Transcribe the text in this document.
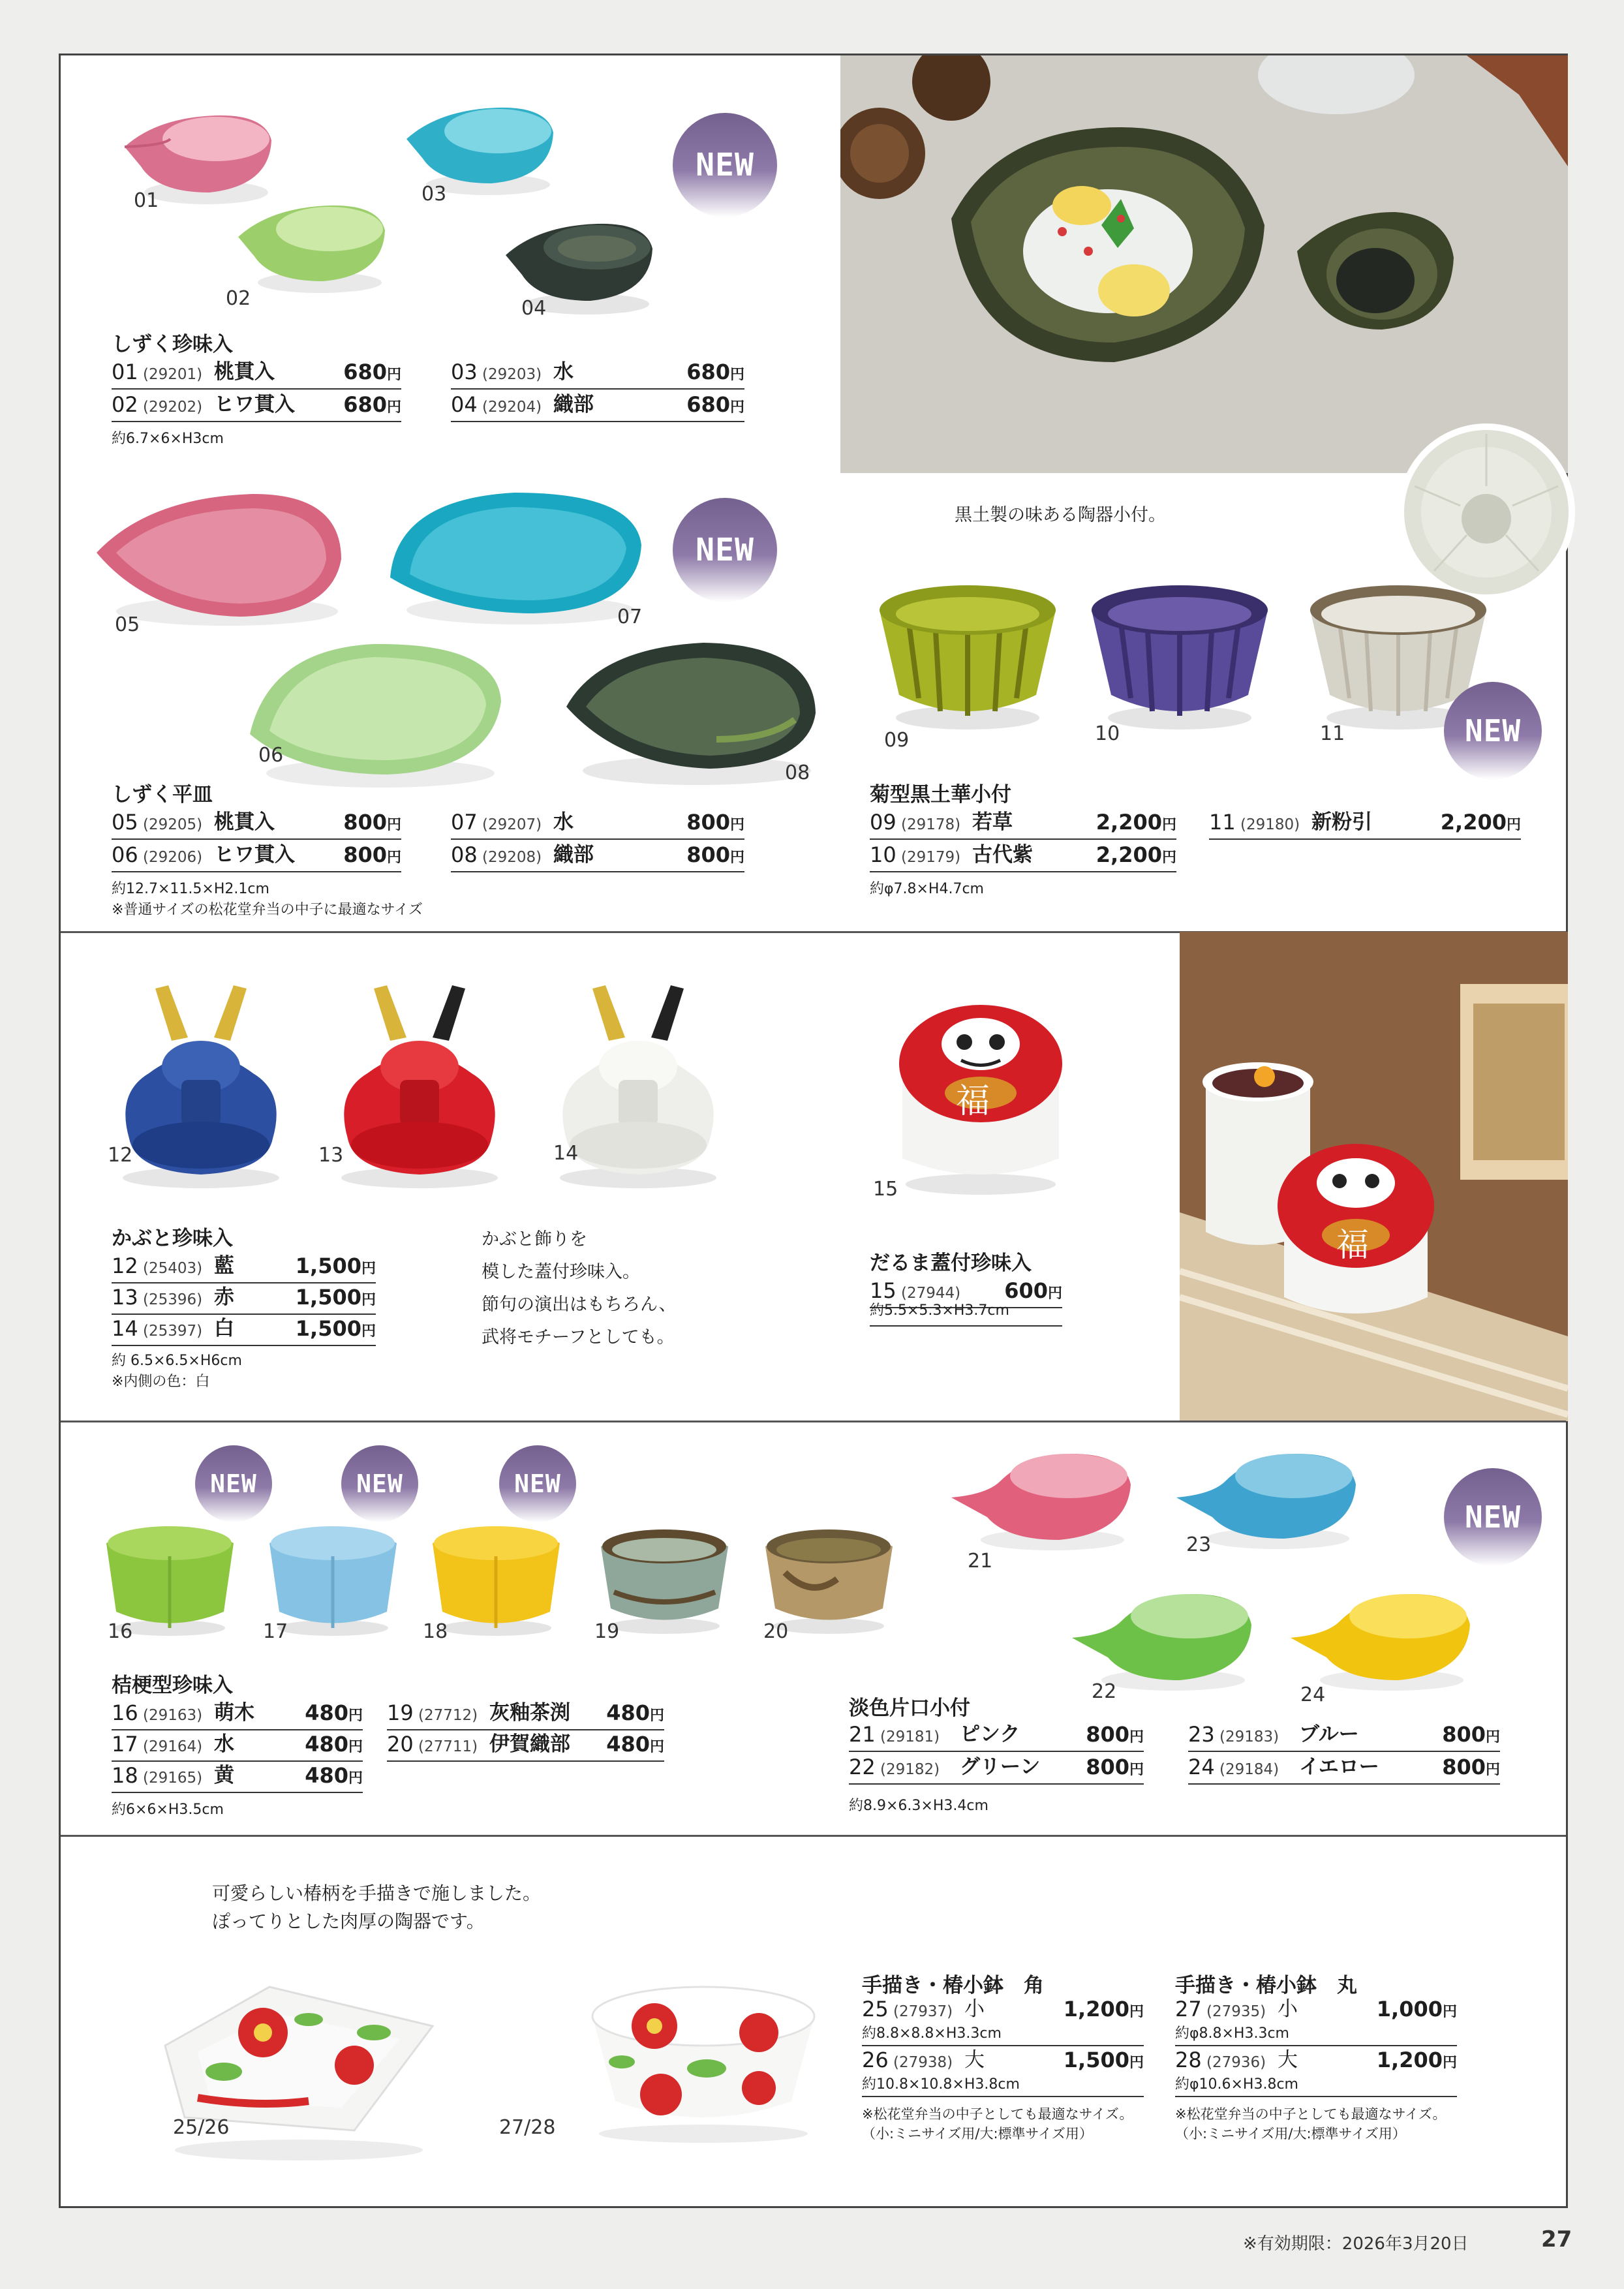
01
02
03
04
NEW
しずく珍味入
01 (29201) 桃貫入	680円
02 (29202) ヒワ貫入 680円
03 (29203) 水	680円
04 (29204) 織部	680円
約6.7×6×H3cm
05
06
07
08
NEW
しずく平皿
05 (29205) 桃貫入	800円
06 (29206) ヒワ貫入 800円
07 (29207) 水	800円
08 (29208) 織部	800円
約12.7×11.5×H2.1cm
※普通サイズの松花堂弁当の中子に最適なサイズ
黒土製の味ある陶器小付。
09	10	11	NEW
菊型黒土華小付
09 (29178) 若草	2,200円
10 (29179) 古代紫	2,200円
11 (29180) 新粉引	2,200円
約φ7.8×H4.7cm
12	13	14
かぶと珍味入
12 (25403) 藍	1,500円
13 (25396) 赤	1,500円
14 (25397) 白	1,500円
約 6.5×6.5×H6cm
※内側の色：白
かぶと飾りを
模した蓋付珍味入。
節句の演出はもちろん、
武将モチーフとしても。
福
15
だるま蓋付珍味入
15 (27944) 600円
約5.5×5.3×H3.7cm
福
NEW	NEW	NEW
16	17	18	19	20
桔梗型珍味入
16 (29163) 萌木 480円
17 (29164) 水	480円
18 (29165) 黄	480円
19 (27712) 灰釉茶渕 480円
20 (27711) 伊賀織部 480円
約6×6×H3.5cm
NEW
21
22
23
24
淡色片口小付
21 (29181) ピンク	800円
22 (29182) グリーン 800円
23 (29183) ブルー	800円
24 (29184) イエロー	800円
約8.9×6.3×H3.4cm
可愛らしい椿柄を手描きで施しました。
ぽってりとした肉厚の陶器です。
25/26	27/28
手描き・椿小鉢　角
25 (27937) 小	1,200円
約8.8×8.8×H3.3cm
26 (27938) 大	1,500円
約10.8×10.8×H3.8cm
※松花堂弁当の中子としても最適なサイズ。
（小:ミニサイズ用/大:標準サイズ用）
手描き・椿小鉢　丸
27 (27935) 小	1,000円
約φ8.8×H3.3cm
28 (27936) 大	1,200円
約φ10.6×H3.8cm
※松花堂弁当の中子としても最適なサイズ。
（小:ミニサイズ用/大:標準サイズ用）
※有効期限：2026年3月20日	27
